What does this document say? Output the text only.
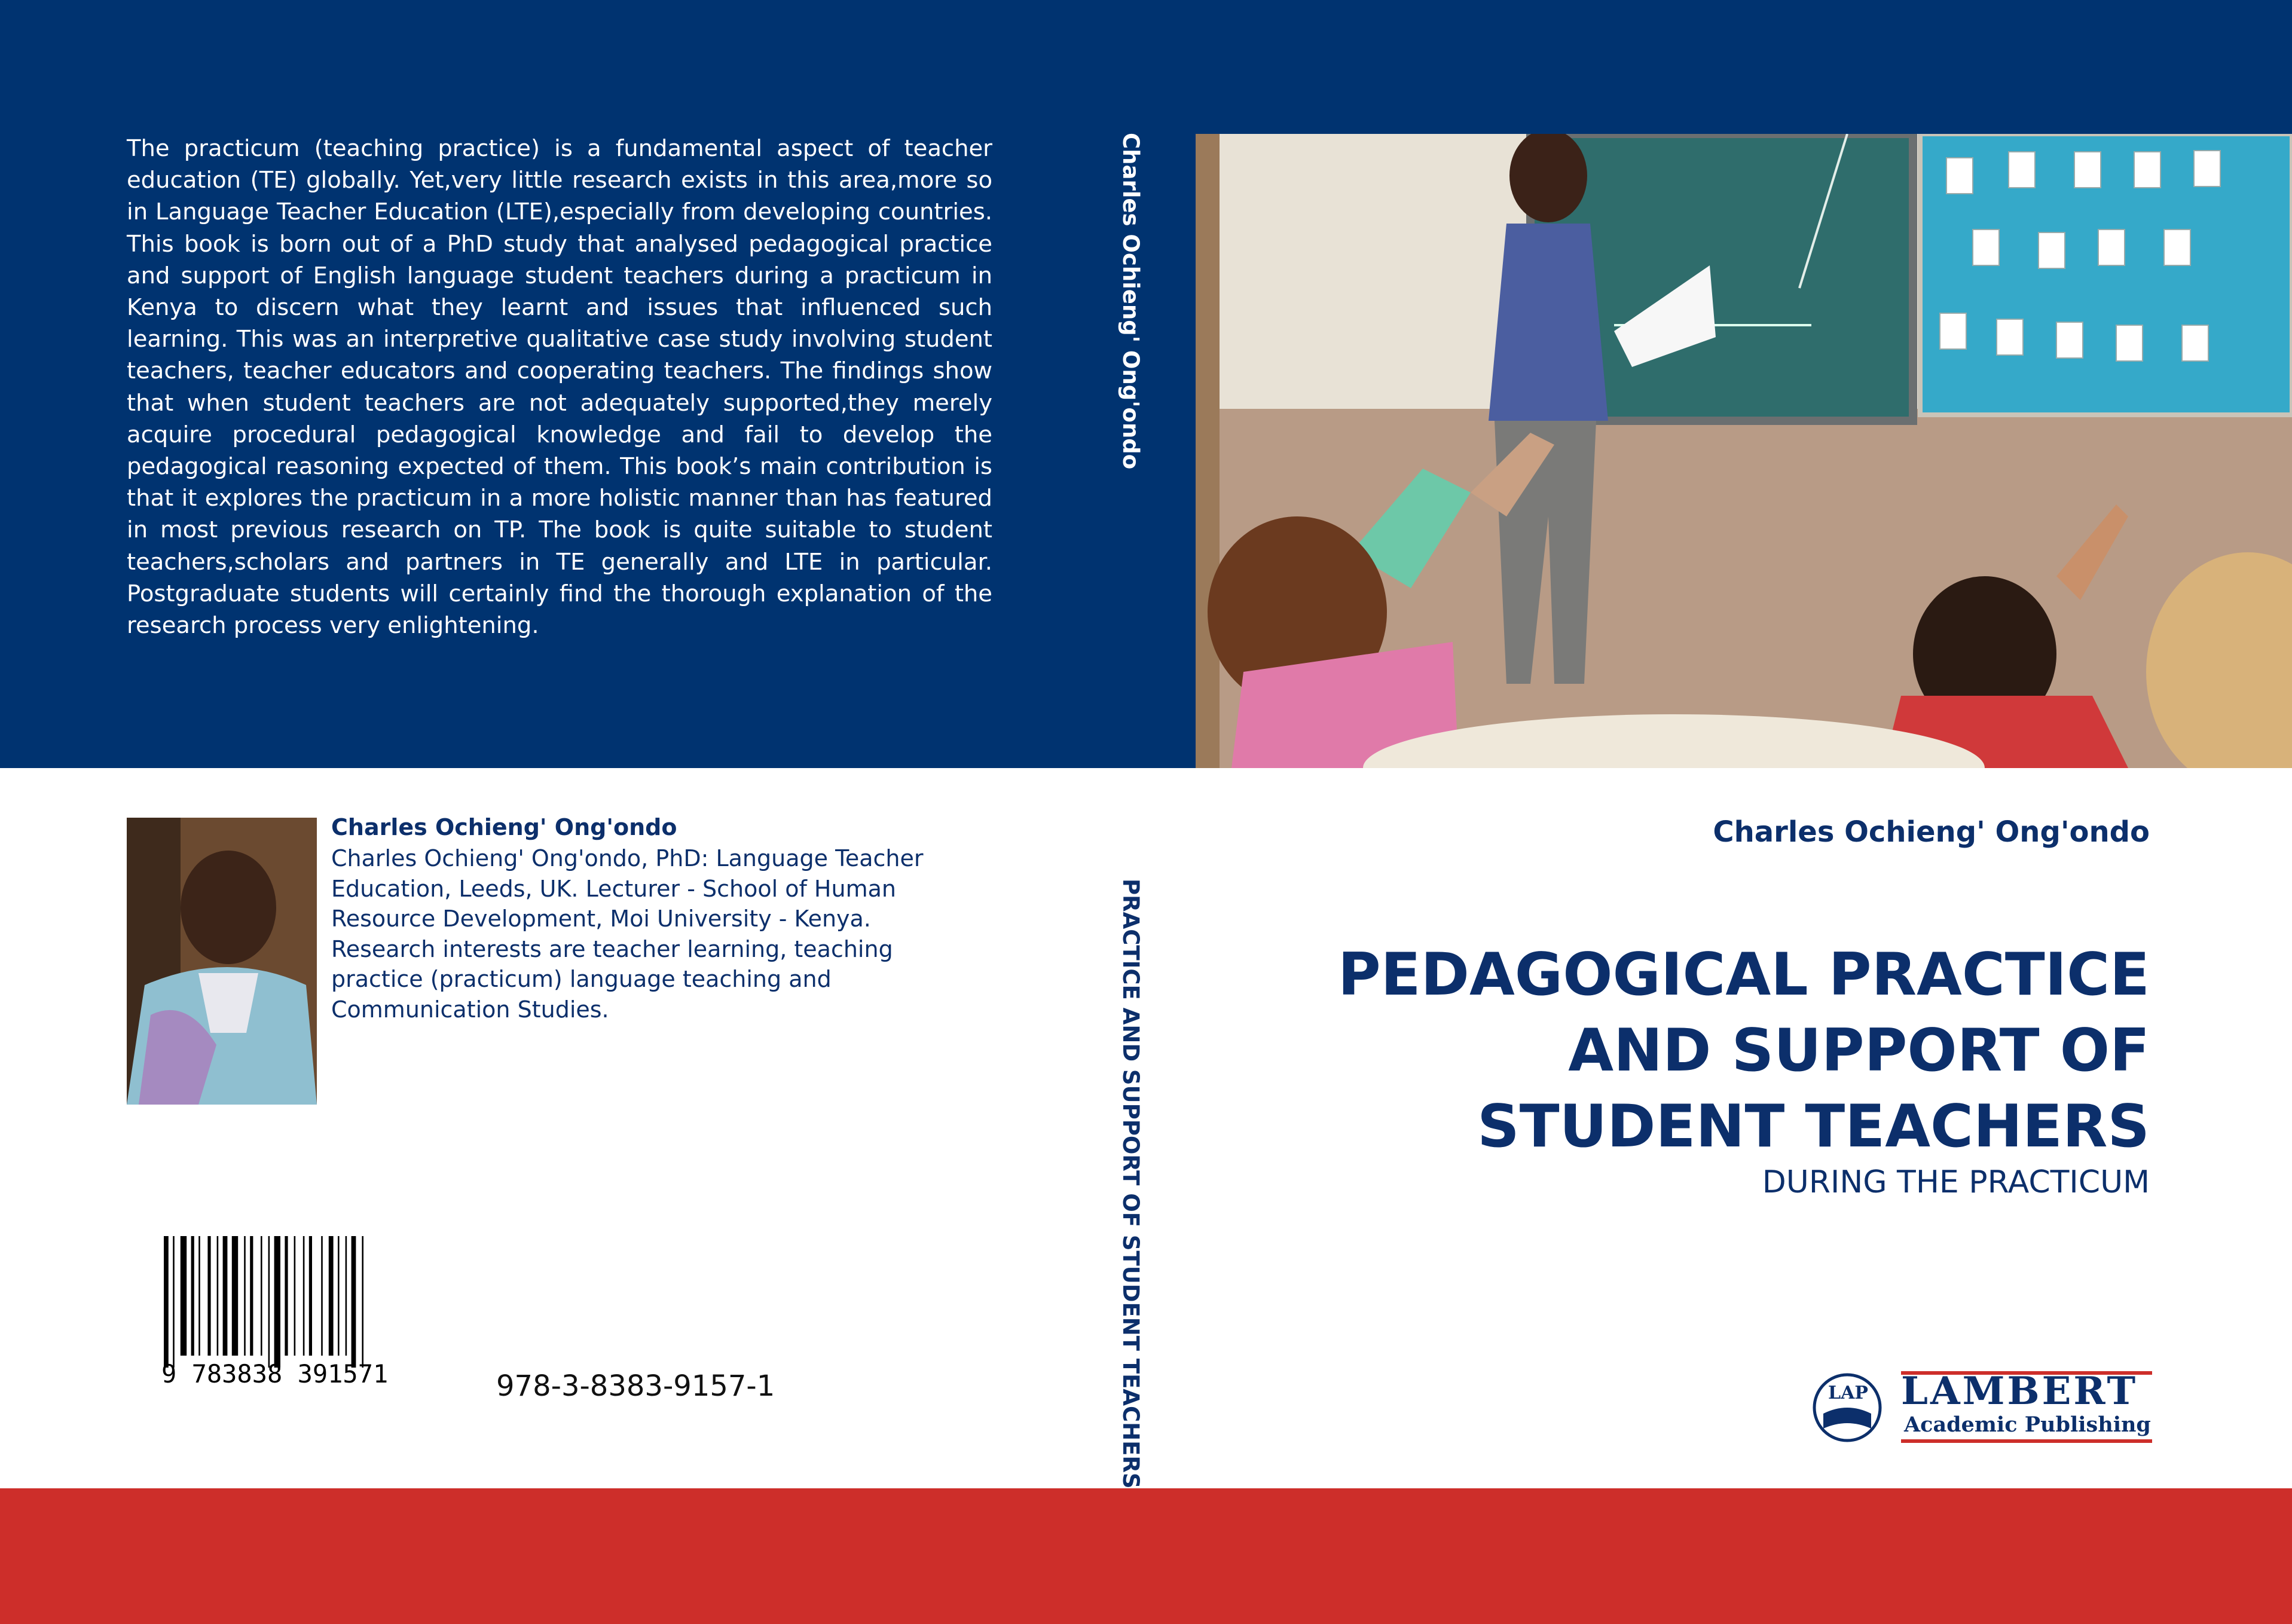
The practicum (teaching practice) is a fundamental aspect of teacher education (TE) globally. Yet,very little research exists in this area,more so in Language Teacher Education (LTE),especially from developing countries. This book is born out of a PhD study that analysed pedagogical practice and support of English language student teachers during a practicum in Kenya to discern what they learnt and issues that influenced such learning. This was an interpretive qualitative case study involving student teachers, teacher educators and cooperating teachers. The findings show that when student teachers are not adequately supported,they merely acquire procedural pedagogical knowledge and fail to develop the pedagogical reasoning expected of them. This book’s main contribution is that it explores the practicum in a more holistic manner than has featured in most previous research on TP. The book is quite suitable to student teachers,scholars and partners in TE generally and LTE in particular. Postgraduate students will certainly find the thorough explanation of the research process very enlightening.
Charles Ochieng' Ong'ondo
PRACTICE AND SUPPORT OF STUDENT TEACHERS
Charles Ochieng' Ong'ondo
Charles Ochieng' Ong'ondo, PhD: Language Teacher Education, Leeds, UK. Lecturer - School of Human Resource Development, Moi University - Kenya. Research interests are teacher learning, teaching practice (practicum) language teaching and Communication Studies.
9 783838 391571	978-3-8383-9157-1
Charles Ochieng' Ong'ondo
PEDAGOGICAL PRACTICE AND SUPPORT OF STUDENT TEACHERS
DURING THE PRACTICUM
LAP LAMBERT
Academic Publishing
